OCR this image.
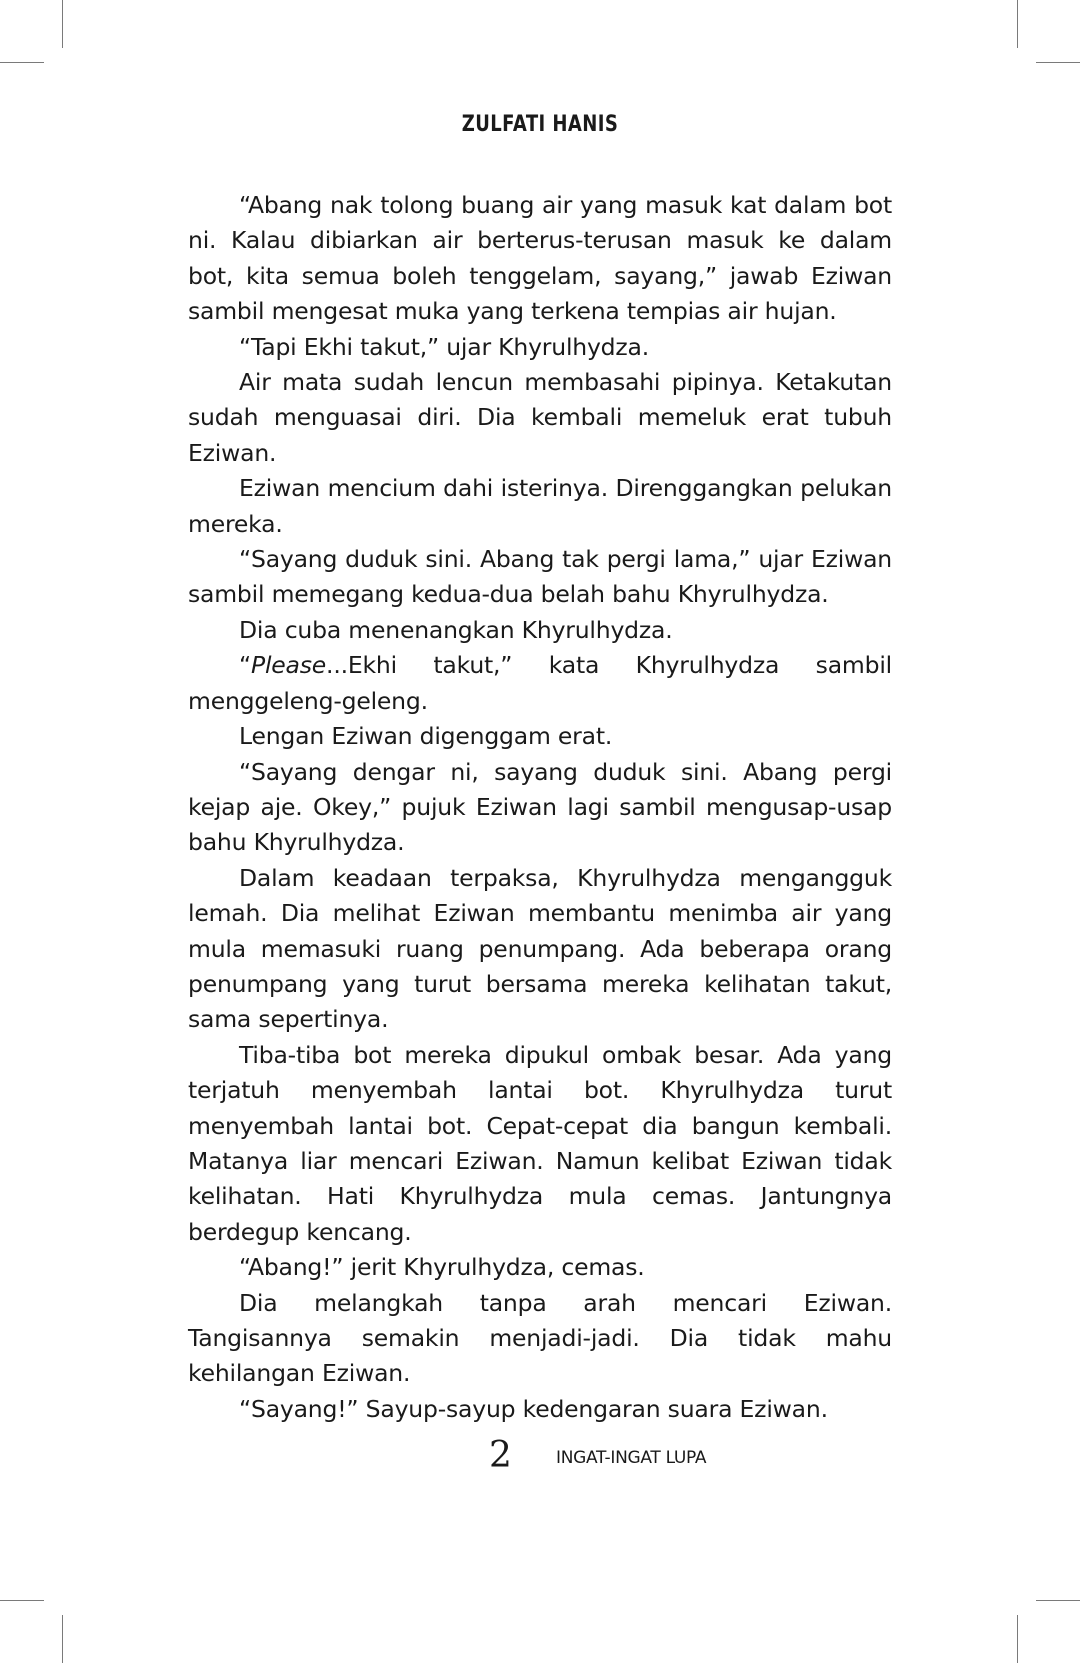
ZULFATI HANIS

“Abang nak tolong buang air yang masuk kat dalam bot ni. Kalau dibiarkan air berterus-terusan masuk ke dalam bot, kita semua boleh tenggelam, sayang,” jawab Eziwan sambil mengesat muka yang terkena tempias air hujan.

“Tapi Ekhi takut,” ujar Khyrulhydza.

Air mata sudah lencun membasahi pipinya. Ketakutan sudah menguasai diri. Dia kembali memeluk erat tubuh Eziwan.

Eziwan mencium dahi isterinya. Direnggangkan pelukan mereka.

“Sayang duduk sini. Abang tak pergi lama,” ujar Eziwan sambil memegang kedua-dua belah bahu Khyrulhydza.

Dia cuba menenangkan Khyrulhydza.

“Please...Ekhi takut,” kata Khyrulhydza sambil menggeleng-geleng.

Lengan Eziwan digenggam erat.

“Sayang dengar ni, sayang duduk sini. Abang pergi kejap aje. Okey,” pujuk Eziwan lagi sambil mengusap-usap bahu Khyrulhydza.

Dalam keadaan terpaksa, Khyrulhydza mengangguk lemah. Dia melihat Eziwan membantu menimba air yang mula memasuki ruang penumpang. Ada beberapa orang penumpang yang turut bersama mereka kelihatan takut, sama sepertinya.

Tiba-tiba bot mereka dipukul ombak besar. Ada yang terjatuh menyembah lantai bot. Khyrulhydza turut menyembah lantai bot. Cepat-cepat dia bangun kembali. Matanya liar mencari Eziwan. Namun kelibat Eziwan tidak kelihatan. Hati Khyrulhydza mula cemas. Jantungnya berdegup kencang.

“Abang!” jerit Khyrulhydza, cemas.

Dia melangkah tanpa arah mencari Eziwan. Tangisannya semakin menjadi-jadi. Dia tidak mahu kehilangan Eziwan.

“Sayang!” Sayup-sayup kedengaran suara Eziwan.

2	INGAT-INGAT LUPA
